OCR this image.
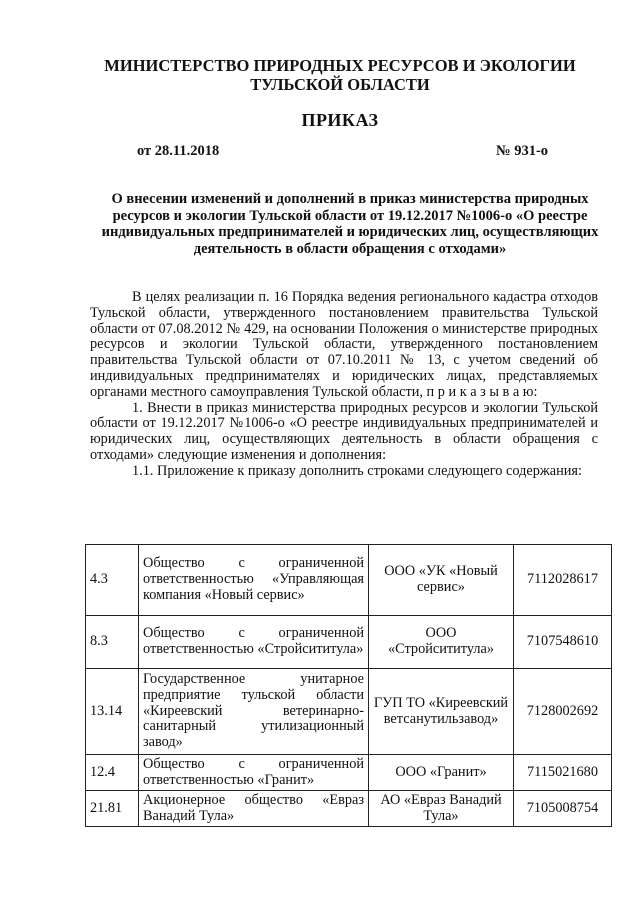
МИНИСТЕРСТВО ПРИРОДНЫХ РЕСУРСОВ И ЭКОЛОГИИ
ТУЛЬСКОЙ ОБЛАСТИ
ПРИКАЗ
от 28.11.2018	№ 931-о
О внесении изменений и дополнений в приказ министерства природных ресурсов и экологии Тульской области от 19.12.2017 №1006-о «О реестре индивидуальных предпринимателей и юридических лиц, осуществляющих деятельность в области обращения с отходами»

В целях реализации п. 16 Порядка ведения регионального кадастра отходов Тульской области, утвержденного постановлением правительства Тульской области от 07.08.2012 № 429, на основании Положения о министерстве природных ресурсов и экологии Тульской области, утвержденного постановлением правительства Тульской области от 07.10.2011 № 13, с учетом сведений об индивидуальных предпринимателях и юридических лицах, представляемых органами местного самоуправления Тульской области, п р и к а з ы в а ю:

1. Внести в приказ министерства природных ресурсов и экологии Тульской области от 19.12.2017 №1006-о «О реестре индивидуальных предпринимателей и юридических лиц, осуществляющих деятельность в области обращения с отходами» следующие изменения и дополнения:

1.1. Приложение к приказу дополнить строками следующего содержания:

4.3	Общество с ограниченной ответственностью «Управляющая компания «Новый сервис»	ООО «УК «Новый сервис»	7112028617
8.3	Общество с ограниченной ответственностью «Стройсититула»	ООО «Стройсититула»	7107548610
13.14	Государственное унитарное предприятие тульской области «Киреевский ветеринарно-санитарный утилизационный завод»	ГУП ТО «Киреевский ветсанутильзавод»	7128002692
12.4	Общество с ограниченной ответственностью «Гранит»	ООО «Гранит»	7115021680
21.81	Акционерное общество «Евраз Ванадий Тула»	АО «Евраз Ванадий Тула»	7105008754
